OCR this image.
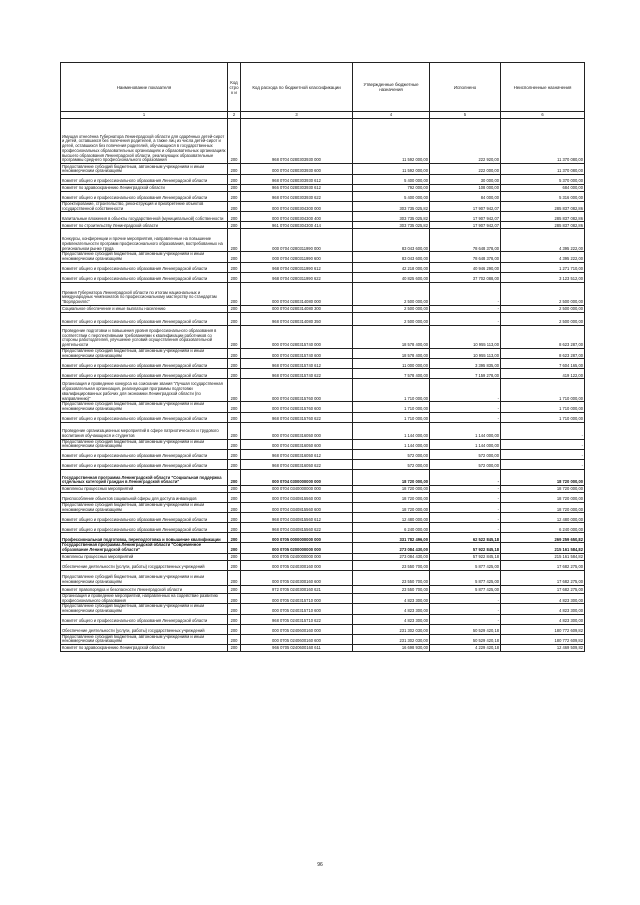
Наименование показателя	Код строк и	Код расхода по бюджетной классификации	Утвержденные бюджетные назначения	Исполнено	Неисполненные назначения
1	2	3	4	5	6
Имущая отнесённа Губернатора Ленинградской области для одарённых детей-сирот и детей, оставшихся без попечения родителей, а также лиц из числа детей-сирот и детей, оставшихся без попечения родителей, обучающихся в государственных профессиональных образовательных организациях и образовательных организациях высшего образования Ленинградской области, реализующих образовательные программы среднего профессионального образования	200	968 0704 0280303930 000	11 592 000,00	222 920,00	11 370 080,00
Предоставление субсидий бюджетным, автономным учреждениям и иным некоммерческим организациям	200	000 0704 0280303930 600	11 592 000,00	222 000,00	11 370 080,00
Комитет общего и профессионального образования Ленинградской области	200	968 0704 0280303930 612	5 400 000,00	30 000,00	5 370 000,00
Комитет по здравоохранению Ленинградской области	200	966 0704 0280303930 612	792 000,00	108 000,00	684 000,00
Комитет общего и профессионального образования Ленинградской области	200	968 0704 0280303930 622	5 400 000,00	84 000,00	5 316 000,00
Проектирование, строительство, реконструкция и приобретение объектов государственной собственности	200	000 0704 0280304300 000	303 735 025,82	17 907 942,07	285 837 082,86
Капитальные вложения в объекты государственной (муниципальной) собственности	200	000 0704 0280304300 400	303 735 025,82	17 907 942,07	285 837 082,86
Комитет по строительству Ленинградской области	200	961 0704 0280304300 414	303 735 025,82	17 907 942,07	285 837 082,86
Конкурсы, конференции и прочие мероприятия, направленные на повышение привлекательности программ профессионального образования, востребованных на региональном рынке труда	200	000 0704 0280311990 000	83 043 600,00	78 648 378,00	4 395 222,00
Предоставление субсидий бюджетным, автономным учреждениям и иным некоммерческим организациям	200	000 0704 0280311990 600	83 043 600,00	78 648 378,00	4 395 222,00
Комитет общего и профессионального образования Ленинградской области	200	968 0704 0280311990 612	42 218 000,00	40 946 290,00	1 271 710,00
Комитет общего и профессионального образования Ленинградской области	200	968 0704 0280311990 622	40 825 600,00	37 702 088,00	3 123 512,00
Премия Губернатора Ленинградской области по итогам национальных и международных чемпионатов по профессиональному мастерству по стандартам "Ворлдскиллс"	200	000 0704 0280314080 000	2 500 000,00	-	2 500 000,00
Социальное обеспечение и иные выплаты населению	200	000 0704 0280314080 300	2 500 000,00	-	2 500 000,00
Комитет общего и профессионального образования Ленинградской области	200	968 0704 0280314080 350	2 500 000,00	-	2 500 000,00
Проведение подготовки и повышения уровня профессионального образования в соответствии с перспективными требованиями к квалификации работников со стороны работодателей, улучшение условий осуществления образовательной деятельности	200	000 0704 0280315740 000	18 578 400,00	10 955 113,00	8 623 287,00
Предоставление субсидий бюджетным, автономным учреждениям и иным некоммерческим организациям	200	000 0704 0280315740 600	18 578 400,00	10 955 113,00	8 623 287,00
Комитет общего и профессионального образования Ленинградской области	200	968 0704 0280315740 612	11 000 000,00	3 395 835,00	7 604 165,00
Комитет общего и профессионального образования Ленинградской области	200	968 0704 0280315740 622	7 578 400,00	7 159 278,00	419 122,00
Организация и проведение конкурса на соискание звания "Лучшая государственная образовательная организация, реализующая программы подготовки квалифицированных рабочих для экономики Ленинградской области (по направлению)"	200	000 0704 0280315760 000	1 710 000,00	-	1 710 000,00
Предоставление субсидий бюджетным, автономным учреждениям и иным некоммерческим организациям	200	000 0704 0280315760 600	1 710 000,00	-	1 710 000,00
Комитет общего и профессионального образования Ленинградской области	200	968 0704 0280315760 622	1 710 000,00	-	1 710 000,00
Проведение организационных мероприятий в сфере патриотического и трудового воспитания обучающихся и студентов	200	000 0704 0280316050 000	1 144 000,00	1 144 000,00	-
Предоставление субсидий бюджетным, автономным учреждениям и иным некоммерческим организациям	200	000 0704 0280316050 600	1 144 000,00	1 144 000,00	-
Комитет общего и профессионального образования Ленинградской области	200	968 0704 0280316050 612	572 000,00	572 000,00	-
Комитет общего и профессионального образования Ленинградской области	200	968 0704 0280316050 622	572 000,00	572 000,00	-
Государственная программа Ленинградской области "Социальная поддержка отдельных категорий граждан в Ленинградской области"	200	000 0704 0300000000 000	18 720 000,00	-	18 720 000,00
Комплексы процессных мероприятий	200	000 0704 0340000000 000	18 720 000,00	-	18 720 000,00
Приспособление объектов социальной сферы для доступа инвалидов	200	000 0704 0340815560 000	18 720 000,00	-	18 720 000,00
Предоставление субсидий бюджетным, автономным учреждениям и иным некоммерческим организациям	200	000 0704 0340815560 600	18 720 000,00	-	18 720 000,00
Комитет общего и профессионального образования Ленинградской области	200	968 0704 0340815560 612	12 480 000,00	-	12 480 000,00
Комитет общего и профессионального образования Ленинградской области	200	968 0704 0340815560 622	6 240 000,00	-	6 240 000,00
Профессиональная подготовка, переподготовка и повышение квалификации	200	000 0705 0000000000 000	331 782 496,00	62 522 845,18	269 259 650,82
Государственная программа Ленинградской области "Современное образование Ленинградской области"	200	000 0705 0200000000 000	273 084 430,00	57 922 845,18	215 161 584,82
Комплексы процессных мероприятий	200	000 0705 0240000000 000	273 084 430,00	57 922 845,18	215 161 584,82
Обеспечение деятельности (услуги, работы) государственных учреждений	200	000 0705 0240300160 000	23 550 700,00	5 877 425,00	17 682 275,00
Предоставление субсидий бюджетным, автономным учреждениям и иным некоммерческим организациям	200	000 0705 0240300160 600	23 550 700,00	5 877 425,00	17 682 275,00
Комитет правопорядка и безопасности Ленинградской области	200	972 0705 0240300160 621	23 550 700,00	5 877 425,00	17 682 275,00
Организация и проведение мероприятий, направленных на содействие развитию профессионального образования	200	000 0705 0240315710 000	4 823 300,00	-	4 823 300,00
Предоставление субсидий бюджетным, автономным учреждениям и иным некоммерческим организациям	200	000 0705 0240315710 600	4 823 300,00	-	4 823 300,00
Комитет общего и профессионального образования Ленинградской области	200	968 0705 0240315710 622	4 823 300,00	-	4 823 300,00
Обеспечение деятельности (услуги, работы) государственных учреждений	200	000 0705 0240600160 000	231 302 030,00	50 529 420,18	180 772 609,82
Предоставление субсидий бюджетным, автономным учреждениям и иным некоммерческим организациям	200	000 0705 0240600160 600	231 302 030,00	50 529 420,18	180 772 609,82
Комитет по здравоохранению Ленинградской области	200	966 0705 0240600160 611	16 698 930,00	4 229 420,18	12 469 509,82
96
